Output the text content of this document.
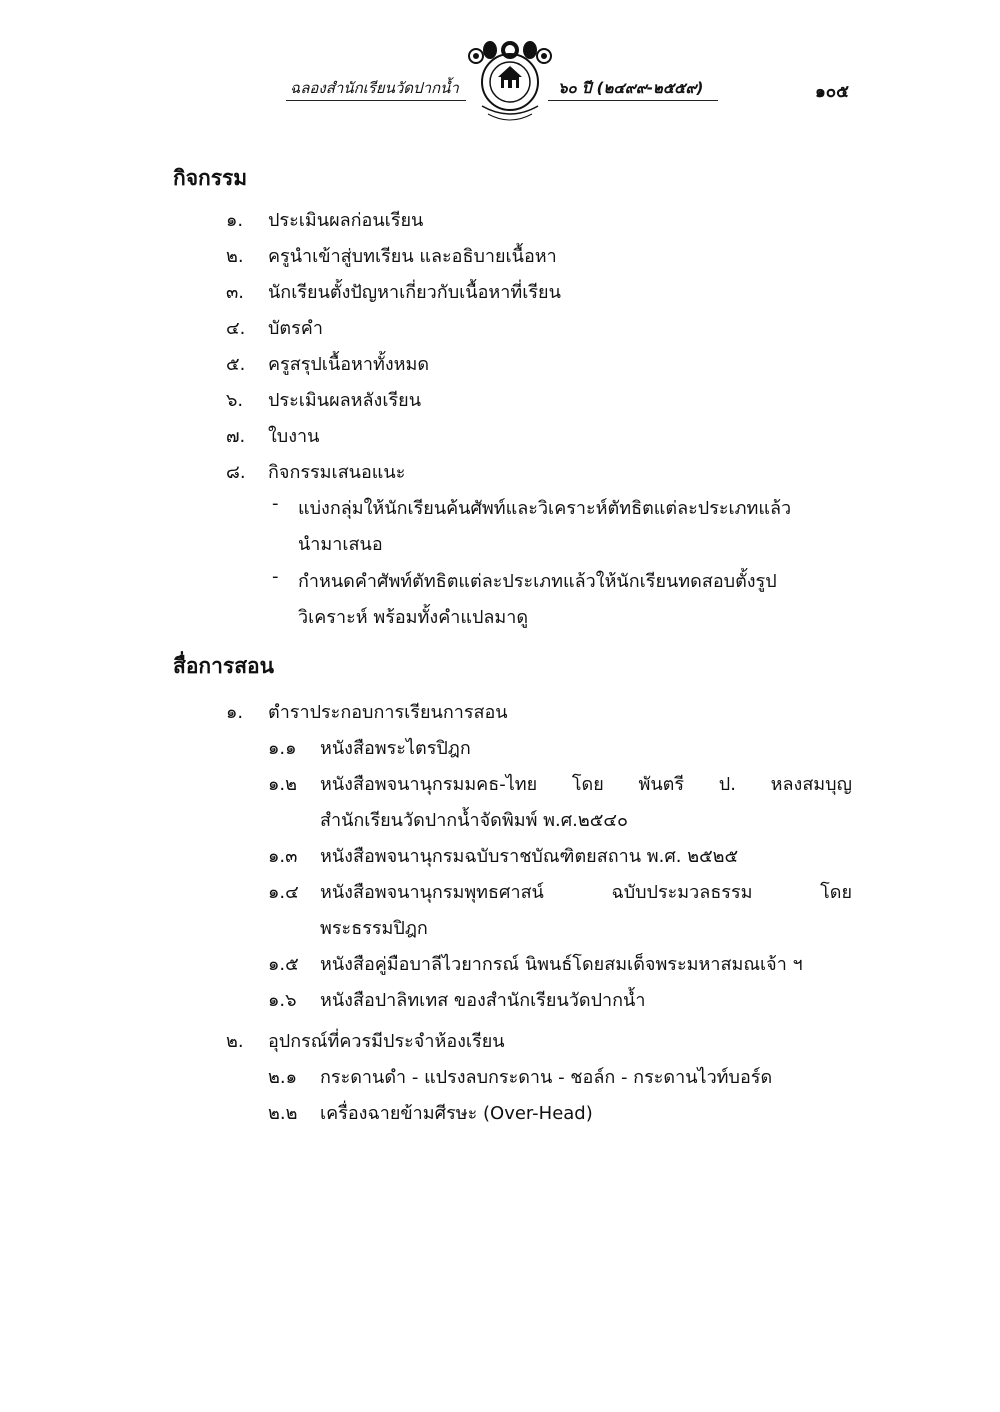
ฉลองสำนักเรียนวัดปากน้ำ	๖๐ ปี (๒๔๙๙-๒๕๕๙)	๑๐๕
กิจกรรม
๑. ประเมินผลก่อนเรียน
๒. ครูนำเข้าสู่บทเรียน และอธิบายเนื้อหา
๓. นักเรียนตั้งปัญหาเกี่ยวกับเนื้อหาที่เรียน
๔. บัตรคำ
๕. ครูสรุปเนื้อหาทั้งหมด
๖. ประเมินผลหลังเรียน
๗. ใบงาน
๘. กิจกรรมเสนอแนะ
- แบ่งกลุ่มให้นักเรียนค้นศัพท์และวิเคราะห์ตัทธิตแต่ละประเภทแล้ว
นำมาเสนอ
- กำหนดคำศัพท์ตัทธิตแต่ละประเภทแล้วให้นักเรียนทดสอบตั้งรูป
วิเคราะห์ พร้อมทั้งคำแปลมาดู
สื่อการสอน
๑. ตำราประกอบการเรียนการสอน
๑.๑ หนังสือพระไตรปิฎก
๑.๒ หนังสือพจนานุกรมมคธ-ไทย โดย พันตรี ป. หลงสมบุญ
สำนักเรียนวัดปากน้ำจัดพิมพ์ พ.ศ.๒๕๔๐
๑.๓ หนังสือพจนานุกรมฉบับราชบัณฑิตยสถาน พ.ศ. ๒๕๒๕
๑.๔ หนังสือพจนานุกรมพุทธศาสน์	ฉบับประมวลธรรม	โดย
พระธรรมปิฎก
๑.๕ หนังสือคู่มือบาลีไวยากรณ์ นิพนธ์โดยสมเด็จพระมหาสมณเจ้า ฯ
๑.๖ หนังสือปาลิทเทส ของสำนักเรียนวัดปากน้ำ
๒. อุปกรณ์ที่ควรมีประจำห้องเรียน
๒.๑ กระดานดำ - แปรงลบกระดาน - ชอล์ก - กระดานไวท์บอร์ด
๒.๒ เครื่องฉายข้ามศีรษะ (Over-Head)
